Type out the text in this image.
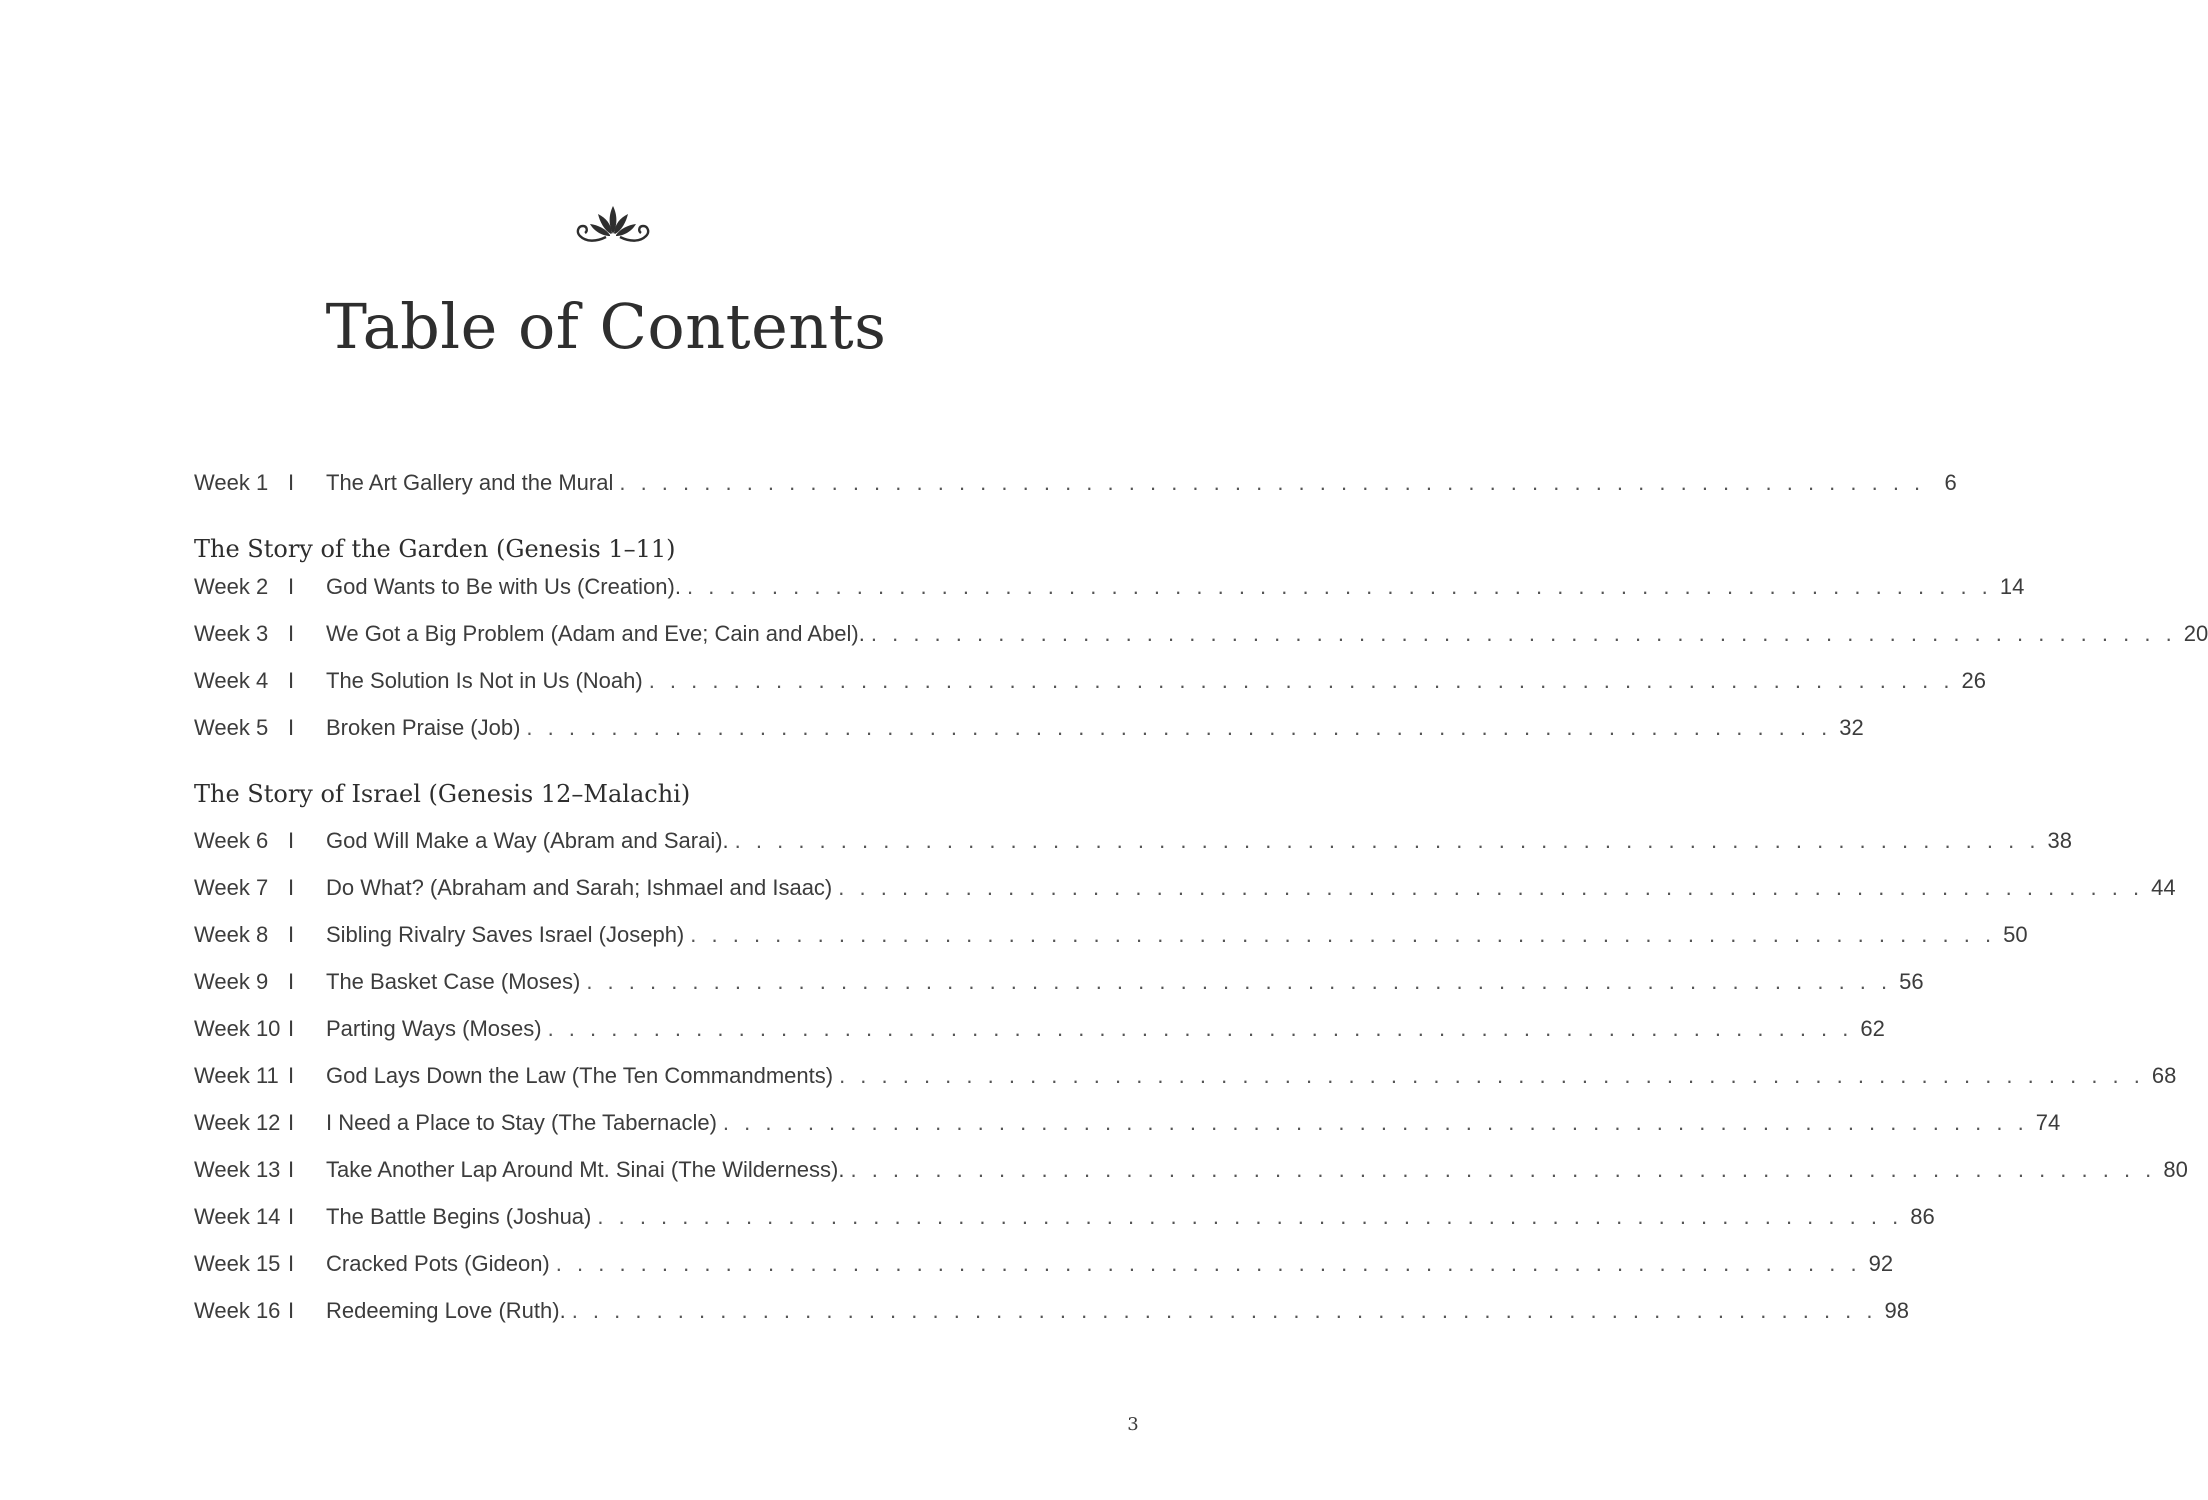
Table of Contents
Week 1 I	The Art Gallery and the Mural . . . . . . . . . . . . . . . . . . . . . . . . . . . . . . . . . . . . . . . . . . . . . . . . . . . . . . . . . . . . . . 6
The Story of the Garden (Genesis 1–11)
Week 2 I	God Wants to Be with Us (Creation). . . . . . . . . . . . . . . . . . . . . . . . . . . . . . . . . . . . . . . . . . . . . . . . . . . . . . . . . . . . . . . 14
Week 3 I	We Got a Big Problem (Adam and Eve; Cain and Abel). . . . . . . . . . . . . . . . . . . . . . . . . . . . . . . . . . . . . . . . . . . . . . . . . . . . . . . . . . . . . . . 20
Week 4 I	The Solution Is Not in Us (Noah) . . . . . . . . . . . . . . . . . . . . . . . . . . . . . . . . . . . . . . . . . . . . . . . . . . . . . . . . . . . . . . 26
Week 5 I	Broken Praise (Job) . . . . . . . . . . . . . . . . . . . . . . . . . . . . . . . . . . . . . . . . . . . . . . . . . . . . . . . . . . . . . . 32
The Story of Israel (Genesis 12–Malachi)
Week 6 I	God Will Make a Way (Abram and Sarai). . . . . . . . . . . . . . . . . . . . . . . . . . . . . . . . . . . . . . . . . . . . . . . . . . . . . . . . . . . . . . . 38
Week 7 I	Do What? (Abraham and Sarah; Ishmael and Isaac) . . . . . . . . . . . . . . . . . . . . . . . . . . . . . . . . . . . . . . . . . . . . . . . . . . . . . . . . . . . . . . 44
Week 8 I	Sibling Rivalry Saves Israel (Joseph) . . . . . . . . . . . . . . . . . . . . . . . . . . . . . . . . . . . . . . . . . . . . . . . . . . . . . . . . . . . . . . 50
Week 9 I	The Basket Case (Moses) . . . . . . . . . . . . . . . . . . . . . . . . . . . . . . . . . . . . . . . . . . . . . . . . . . . . . . . . . . . . . . 56
Week 10 I	Parting Ways (Moses) . . . . . . . . . . . . . . . . . . . . . . . . . . . . . . . . . . . . . . . . . . . . . . . . . . . . . . . . . . . . . . 62
Week 11 I	God Lays Down the Law (The Ten Commandments) . . . . . . . . . . . . . . . . . . . . . . . . . . . . . . . . . . . . . . . . . . . . . . . . . . . . . . . . . . . . . . 68
Week 12 I	I Need a Place to Stay (The Tabernacle) . . . . . . . . . . . . . . . . . . . . . . . . . . . . . . . . . . . . . . . . . . . . . . . . . . . . . . . . . . . . . . 74
Week 13 I	Take Another Lap Around Mt. Sinai (The Wilderness). . . . . . . . . . . . . . . . . . . . . . . . . . . . . . . . . . . . . . . . . . . . . . . . . . . . . . . . . . . . . . . 80
Week 14 I	The Battle Begins (Joshua) . . . . . . . . . . . . . . . . . . . . . . . . . . . . . . . . . . . . . . . . . . . . . . . . . . . . . . . . . . . . . . 86
Week 15 I	Cracked Pots (Gideon) . . . . . . . . . . . . . . . . . . . . . . . . . . . . . . . . . . . . . . . . . . . . . . . . . . . . . . . . . . . . . . 92
Week 16 I	Redeeming Love (Ruth). . . . . . . . . . . . . . . . . . . . . . . . . . . . . . . . . . . . . . . . . . . . . . . . . . . . . . . . . . . . . . . 98
3
